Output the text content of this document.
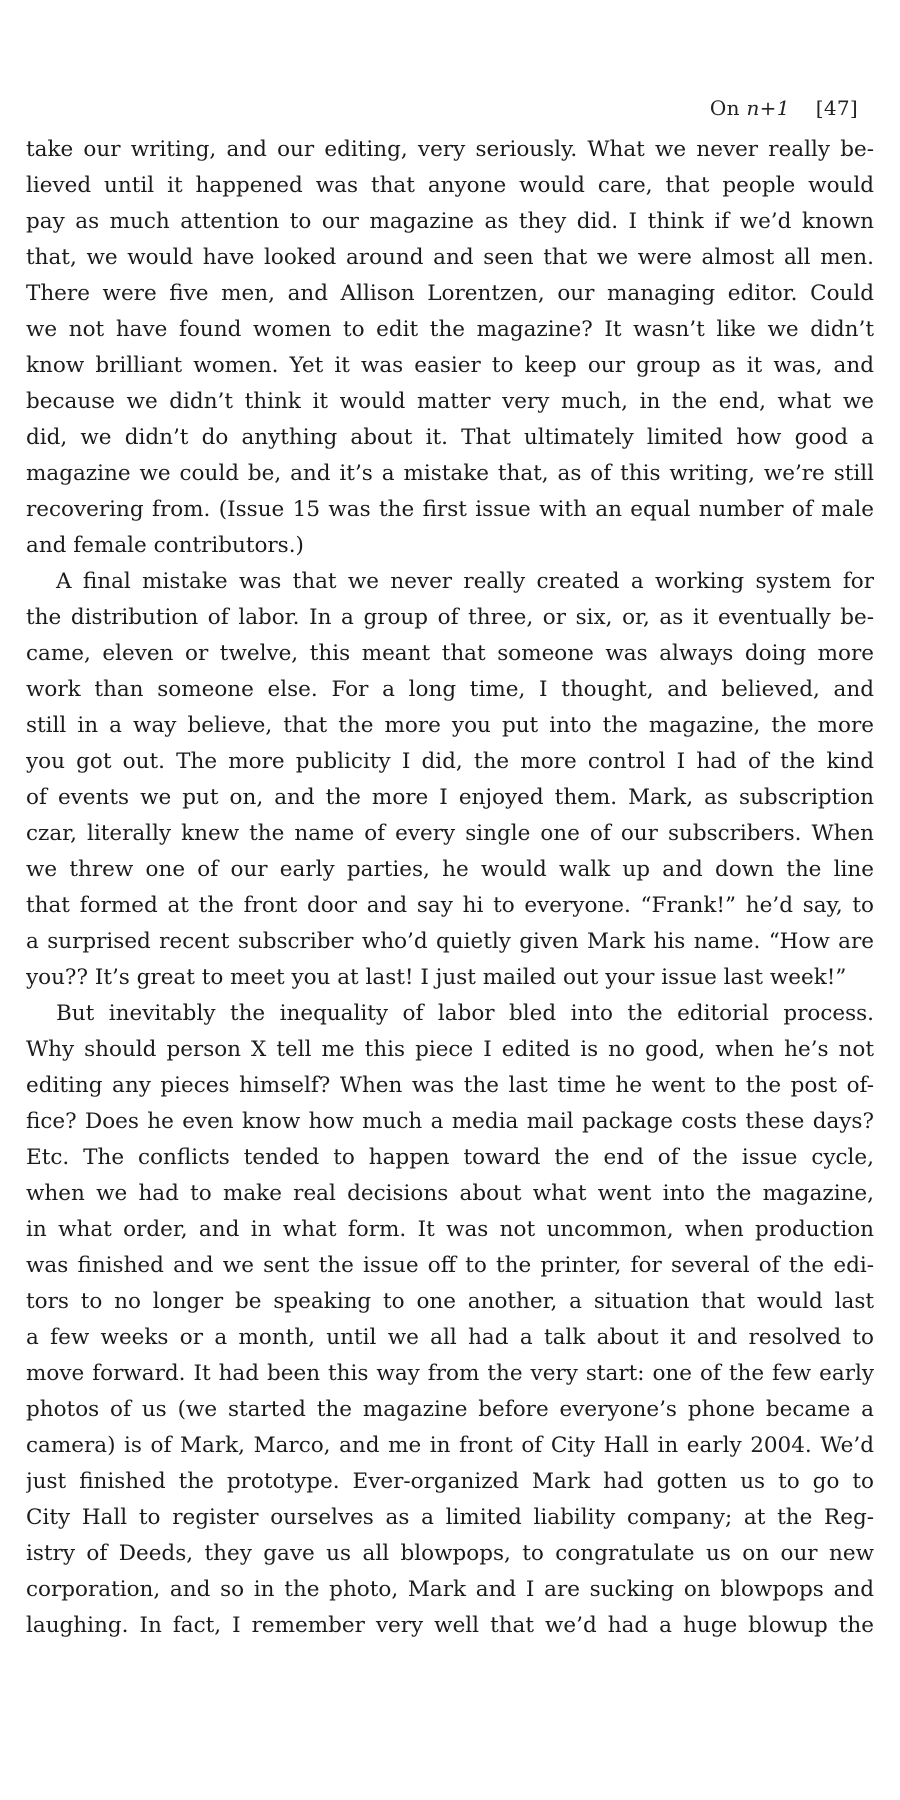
On n+1 [47]
take our writing, and our editing, very seriously. What we never really be-
lieved until it happened was that anyone would care, that people would
pay as much attention to our magazine as they did. I think if we’d known
that, we would have looked around and seen that we were almost all men.
There were five men, and Allison Lorentzen, our managing editor. Could
we not have found women to edit the magazine? It wasn’t like we didn’t
know brilliant women. Yet it was easier to keep our group as it was, and
because we didn’t think it would matter very much, in the end, what we
did, we didn’t do anything about it. That ultimately limited how good a
magazine we could be, and it’s a mistake that, as of this writing, we’re still
recovering from. (Issue 15 was the first issue with an equal number of male
and female contributors.)
A final mistake was that we never really created a working system for
the distribution of labor. In a group of three, or six, or, as it eventually be-
came, eleven or twelve, this meant that someone was always doing more
work than someone else. For a long time, I thought, and believed, and
still in a way believe, that the more you put into the magazine, the more
you got out. The more publicity I did, the more control I had of the kind
of events we put on, and the more I enjoyed them. Mark, as subscription
czar, literally knew the name of every single one of our subscribers. When
we threw one of our early parties, he would walk up and down the line
that formed at the front door and say hi to everyone. “Frank!” he’d say, to
a surprised recent subscriber who’d quietly given Mark his name. “How are
you?? It’s great to meet you at last! I just mailed out your issue last week!”
But inevitably the inequality of labor bled into the editorial process.
Why should person X tell me this piece I edited is no good, when he’s not
editing any pieces himself? When was the last time he went to the post of-
fice? Does he even know how much a media mail package costs these days?
Etc. The conflicts tended to happen toward the end of the issue cycle,
when we had to make real decisions about what went into the magazine,
in what order, and in what form. It was not uncommon, when production
was finished and we sent the issue off to the printer, for several of the edi-
tors to no longer be speaking to one another, a situation that would last
a few weeks or a month, until we all had a talk about it and resolved to
move forward. It had been this way from the very start: one of the few early
photos of us (we started the magazine before everyone’s phone became a
camera) is of Mark, Marco, and me in front of City Hall in early 2004. We’d
just finished the prototype. Ever-organized Mark had gotten us to go to
City Hall to register ourselves as a limited liability company; at the Reg-
istry of Deeds, they gave us all blowpops, to congratulate us on our new
corporation, and so in the photo, Mark and I are sucking on blowpops and
laughing. In fact, I remember very well that we’d had a huge blowup the
